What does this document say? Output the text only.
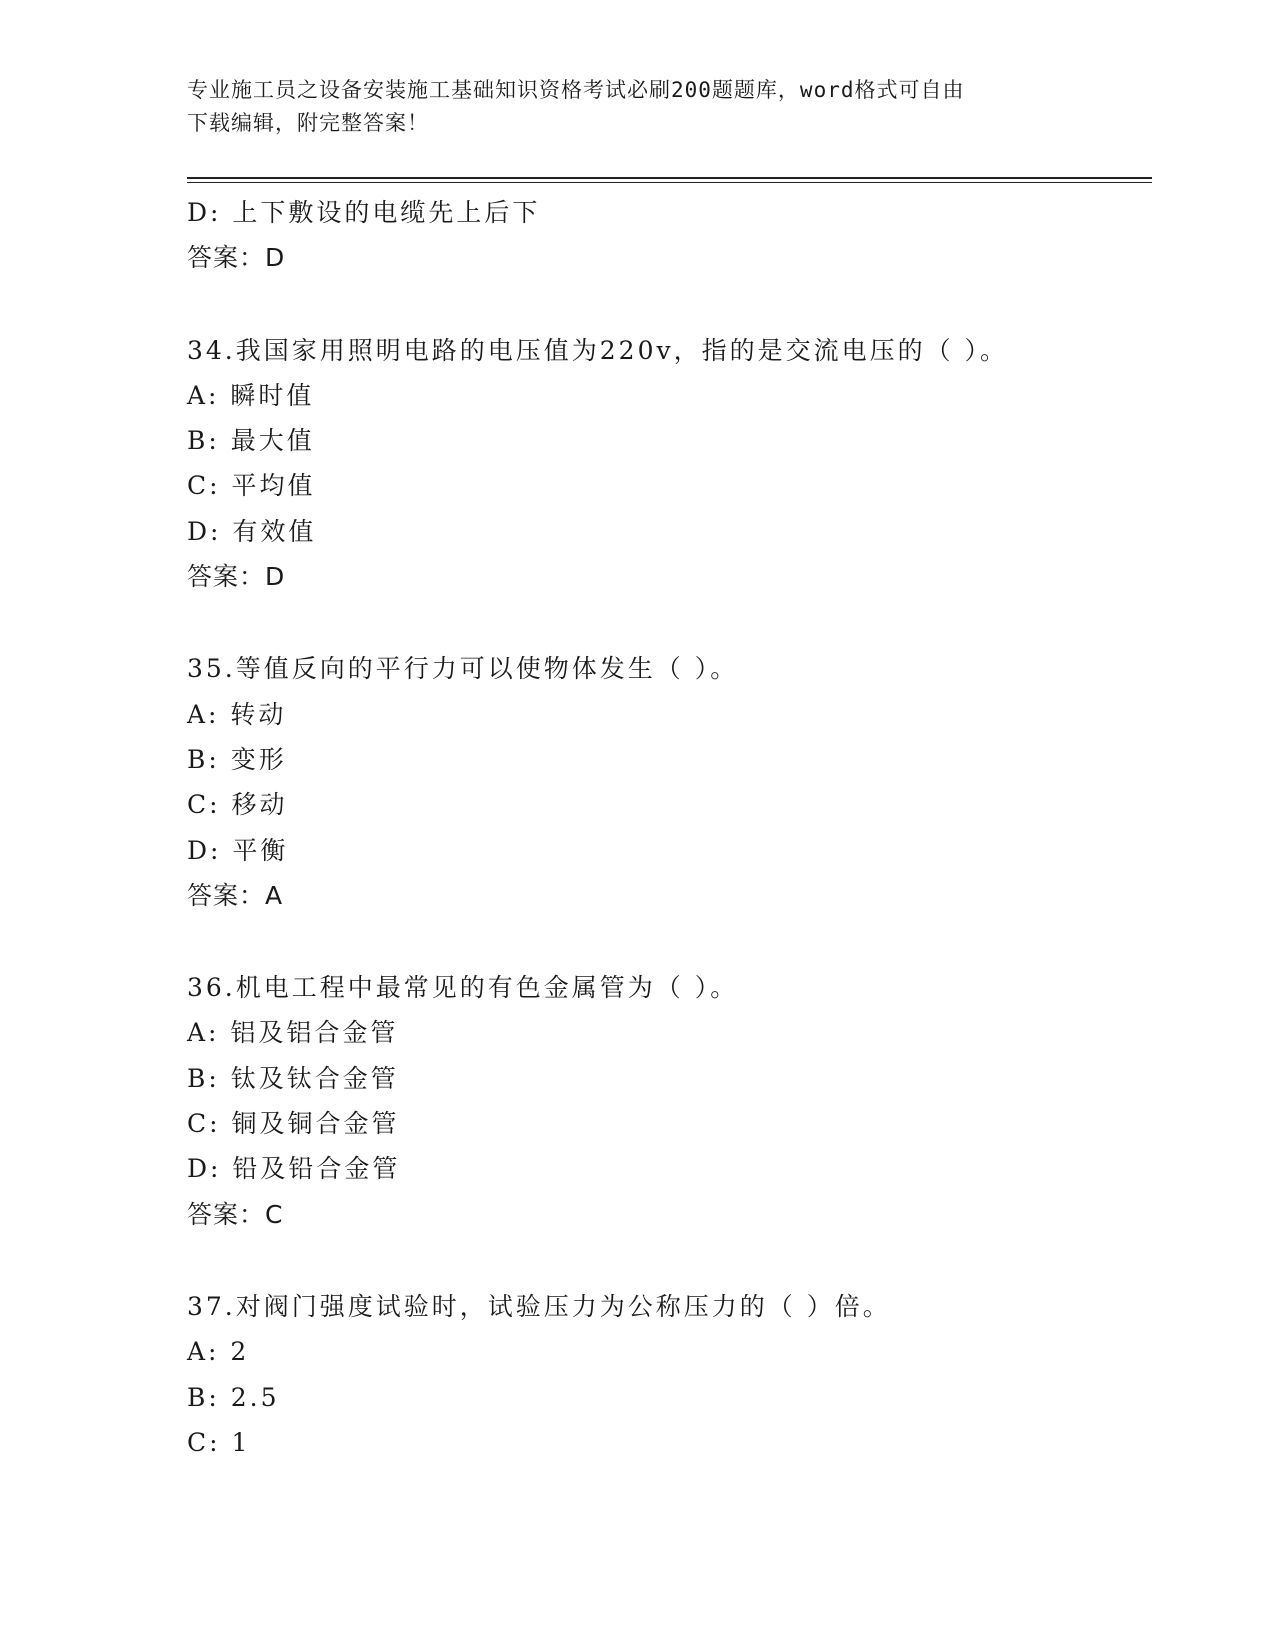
专业施工员之设备安装施工基础知识资格考试必刷200题题库，word格式可自由
下载编辑，附完整答案！
D: 上下敷设的电缆先上后下
答案：D
34.我国家用照明电路的电压值为220v，指的是交流电压的（ ）。
A: 瞬时值
B: 最大值
C: 平均值
D: 有效值
答案：D
35.等值反向的平行力可以使物体发生（ ）。
A: 转动
B: 变形
C: 移动
D: 平衡
答案：A
36.机电工程中最常见的有色金属管为（ ）。
A: 铝及铝合金管
B: 钛及钛合金管
C: 铜及铜合金管
D: 铅及铅合金管
答案：C
37.对阀门强度试验时，试验压力为公称压力的（ ）倍。
A: 2
B: 2.5
C: 1
